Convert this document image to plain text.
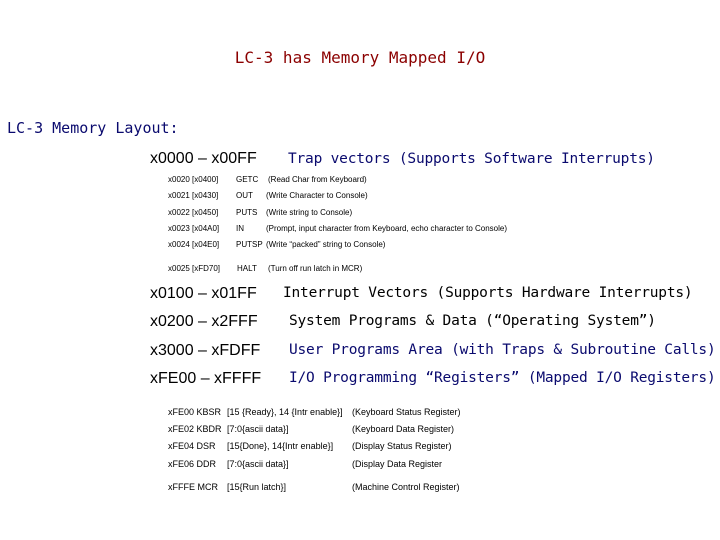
LC-3 has Memory Mapped I/O
LC-3 Memory Layout:
x0000 – x00FF Trap vectors (Supports Software Interrupts)
x0020 [x0400] GETC (Read Char from Keyboard)
x0021 [x0430] OUT (Write Character to Console)
x0022 [x0450] PUTS (Write string to Console)
x0023 [x04A0] IN	(Prompt, input character from Keyboard, echo character to Console)
x0024 [x04E0] PUTSP (Write “packed” string to Console)
x0025 [xFD70] HALT (Turn off run latch in MCR)
x0100 – x01FF Interrupt Vectors (Supports Hardware Interrupts)
x0200 – x2FFF System Programs & Data (“Operating System”)
x3000 – xFDFF User Programs Area (with Traps & Subroutine Calls)
xFE00 – xFFFF I/O Programming “Registers” (Mapped I/O Registers)
xFE00 KBSR [15 {Ready}, 14 {Intr enable}] (Keyboard Status Register)
xFE02 KBDR [7:0{ascii data}]	(Keyboard Data Register)
xFE04 DSR [15{Done}, 14{Intr enable}] (Display Status Register)
xFE06 DDR [7:0{ascii data}]	(Display Data Register
xFFFE MCR [15{Run latch}]	(Machine Control Register)
